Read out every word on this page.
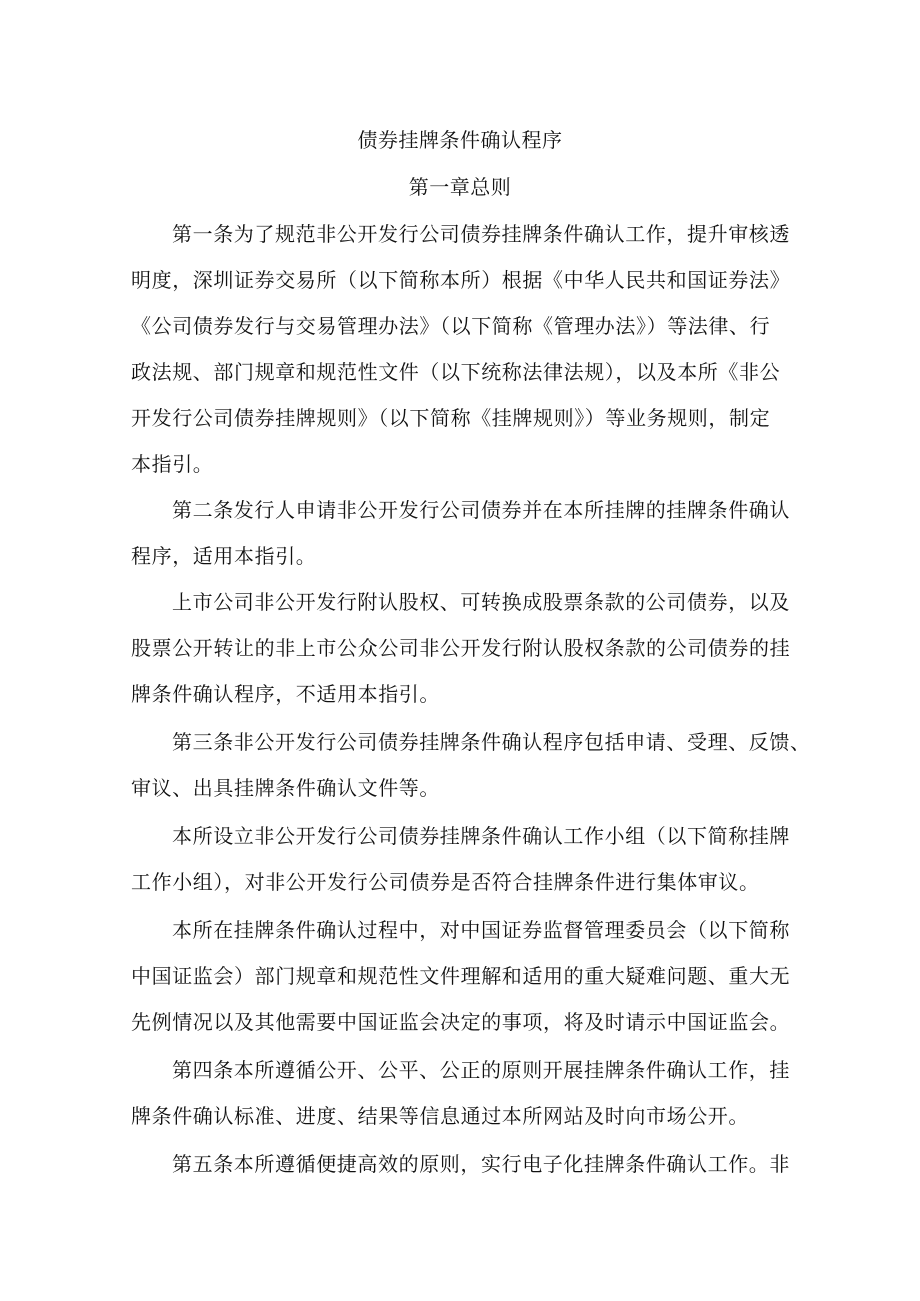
债券挂牌条件确认程序
第一章总则

第一条为了规范非公开发行公司债券挂牌条件确认工作，提升审核透

明度，深圳证券交易所（以下简称本所）根据《中华人民共和国证券法》

《公司债券发行与交易管理办法》（以下简称《管理办法》）等法律、行

政法规、部门规章和规范性文件（以下统称法律法规），以及本所《非公

开发行公司债券挂牌规则》（以下简称《挂牌规则》）等业务规则，制定

本指引。

第二条发行人申请非公开发行公司债券并在本所挂牌的挂牌条件确认

程序，适用本指引。

上市公司非公开发行附认股权、可转换成股票条款的公司债券，以及

股票公开转让的非上市公众公司非公开发行附认股权条款的公司债券的挂

牌条件确认程序，不适用本指引。

第三条非公开发行公司债券挂牌条件确认程序包括申请、受理、反馈、

审议、出具挂牌条件确认文件等。

本所设立非公开发行公司债券挂牌条件确认工作小组（以下简称挂牌

工作小组），对非公开发行公司债券是否符合挂牌条件进行集体审议。

本所在挂牌条件确认过程中，对中国证券监督管理委员会（以下简称

中国证监会）部门规章和规范性文件理解和适用的重大疑难问题、重大无

先例情况以及其他需要中国证监会决定的事项，将及时请示中国证监会。

第四条本所遵循公开、公平、公正的原则开展挂牌条件确认工作，挂

牌条件确认标准、进度、结果等信息通过本所网站及时向市场公开。

第五条本所遵循便捷高效的原则，实行电子化挂牌条件确认工作。非
